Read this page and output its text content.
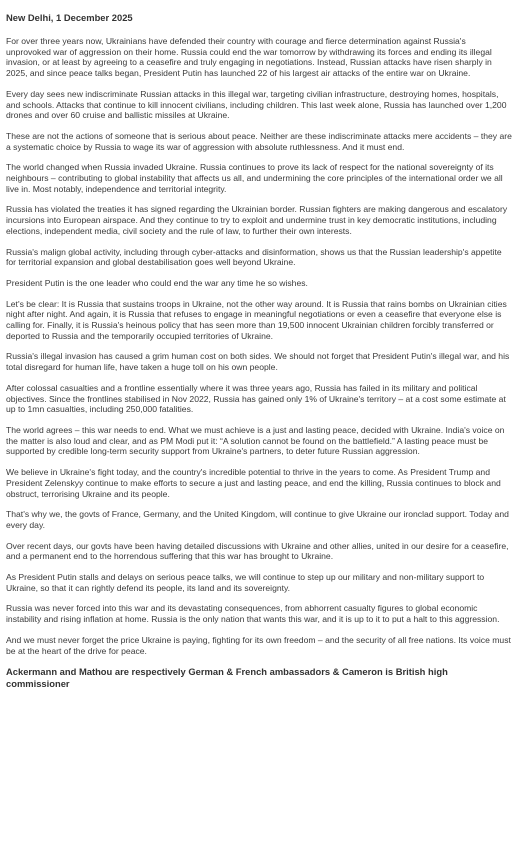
New Delhi, 1 December 2025

For over three years now, Ukrainians have defended their country with courage and fierce determination against Russia's unprovoked war of aggression on their home. Russia could end the war tomorrow by withdrawing its forces and ending its illegal invasion, or at least by agreeing to a ceasefire and truly engaging in negotiations. Instead, Russian attacks have risen sharply in 2025, and since peace talks began, President Putin has launched 22 of his largest air attacks of the entire war on Ukraine.

Every day sees new indiscriminate Russian attacks in this illegal war, targeting civilian infrastructure, destroying homes, hospitals, and schools. Attacks that continue to kill innocent civilians, including children. This last week alone, Russia has launched over 1,200 drones and over 60 cruise and ballistic missiles at Ukraine.

These are not the actions of someone that is serious about peace. Neither are these indiscriminate attacks mere accidents – they are a systematic choice by Russia to wage its war of aggression with absolute ruthlessness. And it must end.

The world changed when Russia invaded Ukraine. Russia continues to prove its lack of respect for the national sovereignty of its neighbours – contributing to global instability that affects us all, and undermining the core principles of the international order we all live in. Most notably, independence and territorial integrity.

Russia has violated the treaties it has signed regarding the Ukrainian border. Russian fighters are making dangerous and escalatory incursions into European airspace. And they continue to try to exploit and undermine trust in key democratic institutions, including elections, independent media, civil society and the rule of law, to further their own interests.

Russia's malign global activity, including through cyber-attacks and disinformation, shows us that the Russian leadership's appetite for territorial expansion and global destabilisation goes well beyond Ukraine.

President Putin is the one leader who could end the war any time he so wishes.

Let's be clear: It is Russia that sustains troops in Ukraine, not the other way around. It is Russia that rains bombs on Ukrainian cities night after night. And again, it is Russia that refuses to engage in meaningful negotiations or even a ceasefire that everyone else is calling for. Finally, it is Russia's heinous policy that has seen more than 19,500 innocent Ukrainian children forcibly transferred or deported to Russia and the temporarily occupied territories of Ukraine.

Russia's illegal invasion has caused a grim human cost on both sides. We should not forget that President Putin's illegal war, and his total disregard for human life, have taken a huge toll on his own people.

After colossal casualties and a frontline essentially where it was three years ago, Russia has failed in its military and political objectives. Since the frontlines stabilised in Nov 2022, Russia has gained only 1% of Ukraine's territory – at a cost some estimate at up to 1mn casualties, including 250,000 fatalities.

The world agrees – this war needs to end. What we must achieve is a just and lasting peace, decided with Ukraine. India's voice on the matter is also loud and clear, and as PM Modi put it: “A solution cannot be found on the battlefield.” A lasting peace must be supported by credible long-term security support from Ukraine's partners, to deter future Russian aggression.

We believe in Ukraine's fight today, and the country's incredible potential to thrive in the years to come. As President Trump and President Zelenskyy continue to make efforts to secure a just and lasting peace, and end the killing, Russia continues to block and obstruct, terrorising Ukraine and its people.

That's why we, the govts of France, Germany, and the United Kingdom, will continue to give Ukraine our ironclad support. Today and every day.

Over recent days, our govts have been having detailed discussions with Ukraine and other allies, united in our desire for a ceasefire, and a permanent end to the horrendous suffering that this war has brought to Ukraine.

As President Putin stalls and delays on serious peace talks, we will continue to step up our military and non-military support to Ukraine, so that it can rightly defend its people, its land and its sovereignty.

Russia was never forced into this war and its devastating consequences, from abhorrent casualty figures to global economic instability and rising inflation at home. Russia is the only nation that wants this war, and it is up to it to put a halt to this aggression.

And we must never forget the price Ukraine is paying, fighting for its own freedom – and the security of all free nations. Its voice must be at the heart of the drive for peace.

Ackermann and Mathou are respectively German & French ambassadors & Cameron is British high commissioner
